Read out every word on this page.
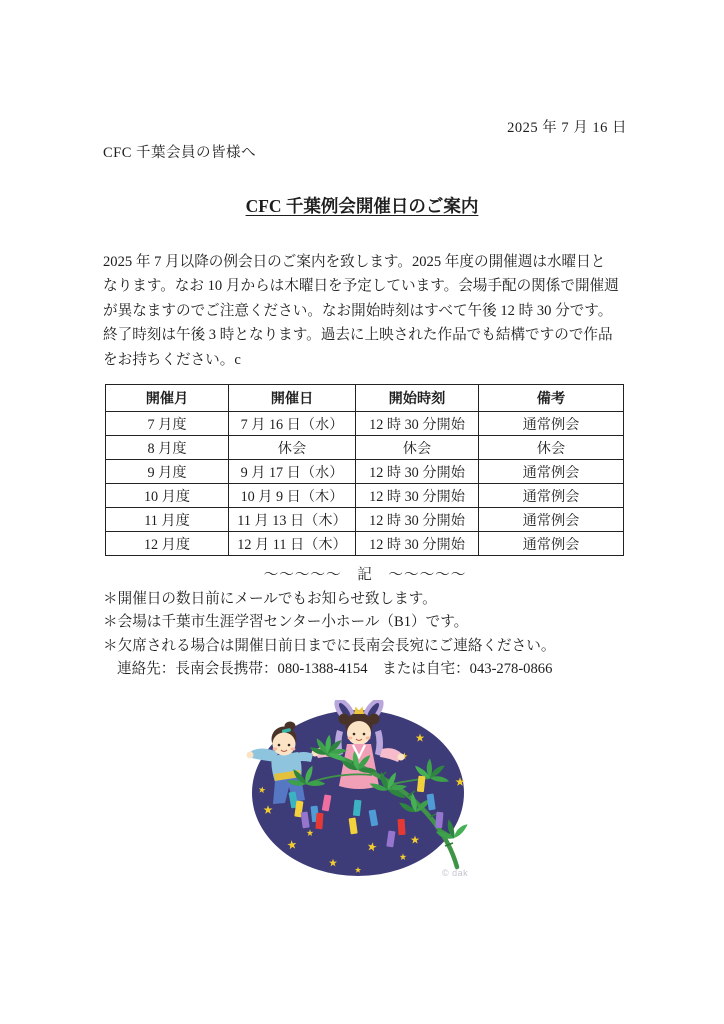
2025 年 7 月 16 日
CFC 千葉会員の皆様へ
CFC 千葉例会開催日のご案内
2025 年 7 月以降の例会日のご案内を致します。2025 年度の開催週は水曜日と
なります。なお 10 月からは木曜日を予定しています。会場手配の関係で開催週
が異なますのでご注意ください。なお開始時刻はすべて午後 12 時 30 分です。
終了時刻は午後 3 時となります。過去に上映された作品でも結構ですので作品
をお持ちください。c
開催月	開催日	開始時刻	備考
7 月度	7 月 16 日（水）	12 時 30 分開始	通常例会
8 月度	休会	休会	休会
9 月度	9 月 17 日（水）	12 時 30 分開始	通常例会
10 月度	10 月 9 日（木）	12 時 30 分開始	通常例会
11 月度	11 月 13 日（木）	12 時 30 分開始	通常例会
12 月度	12 月 11 日（木）	12 時 30 分開始	通常例会
～～～～～　記　～～～～～
＊開催日の数日前にメールでもお知らせ致します。
＊会場は千葉市生涯学習センター小ホール（B1）です。
＊欠席される場合は開催日前日までに長南会長宛にご連絡ください。
連絡先：長南会長携帯：080-1388-4154　または自宅：043-278-0866
© dak
